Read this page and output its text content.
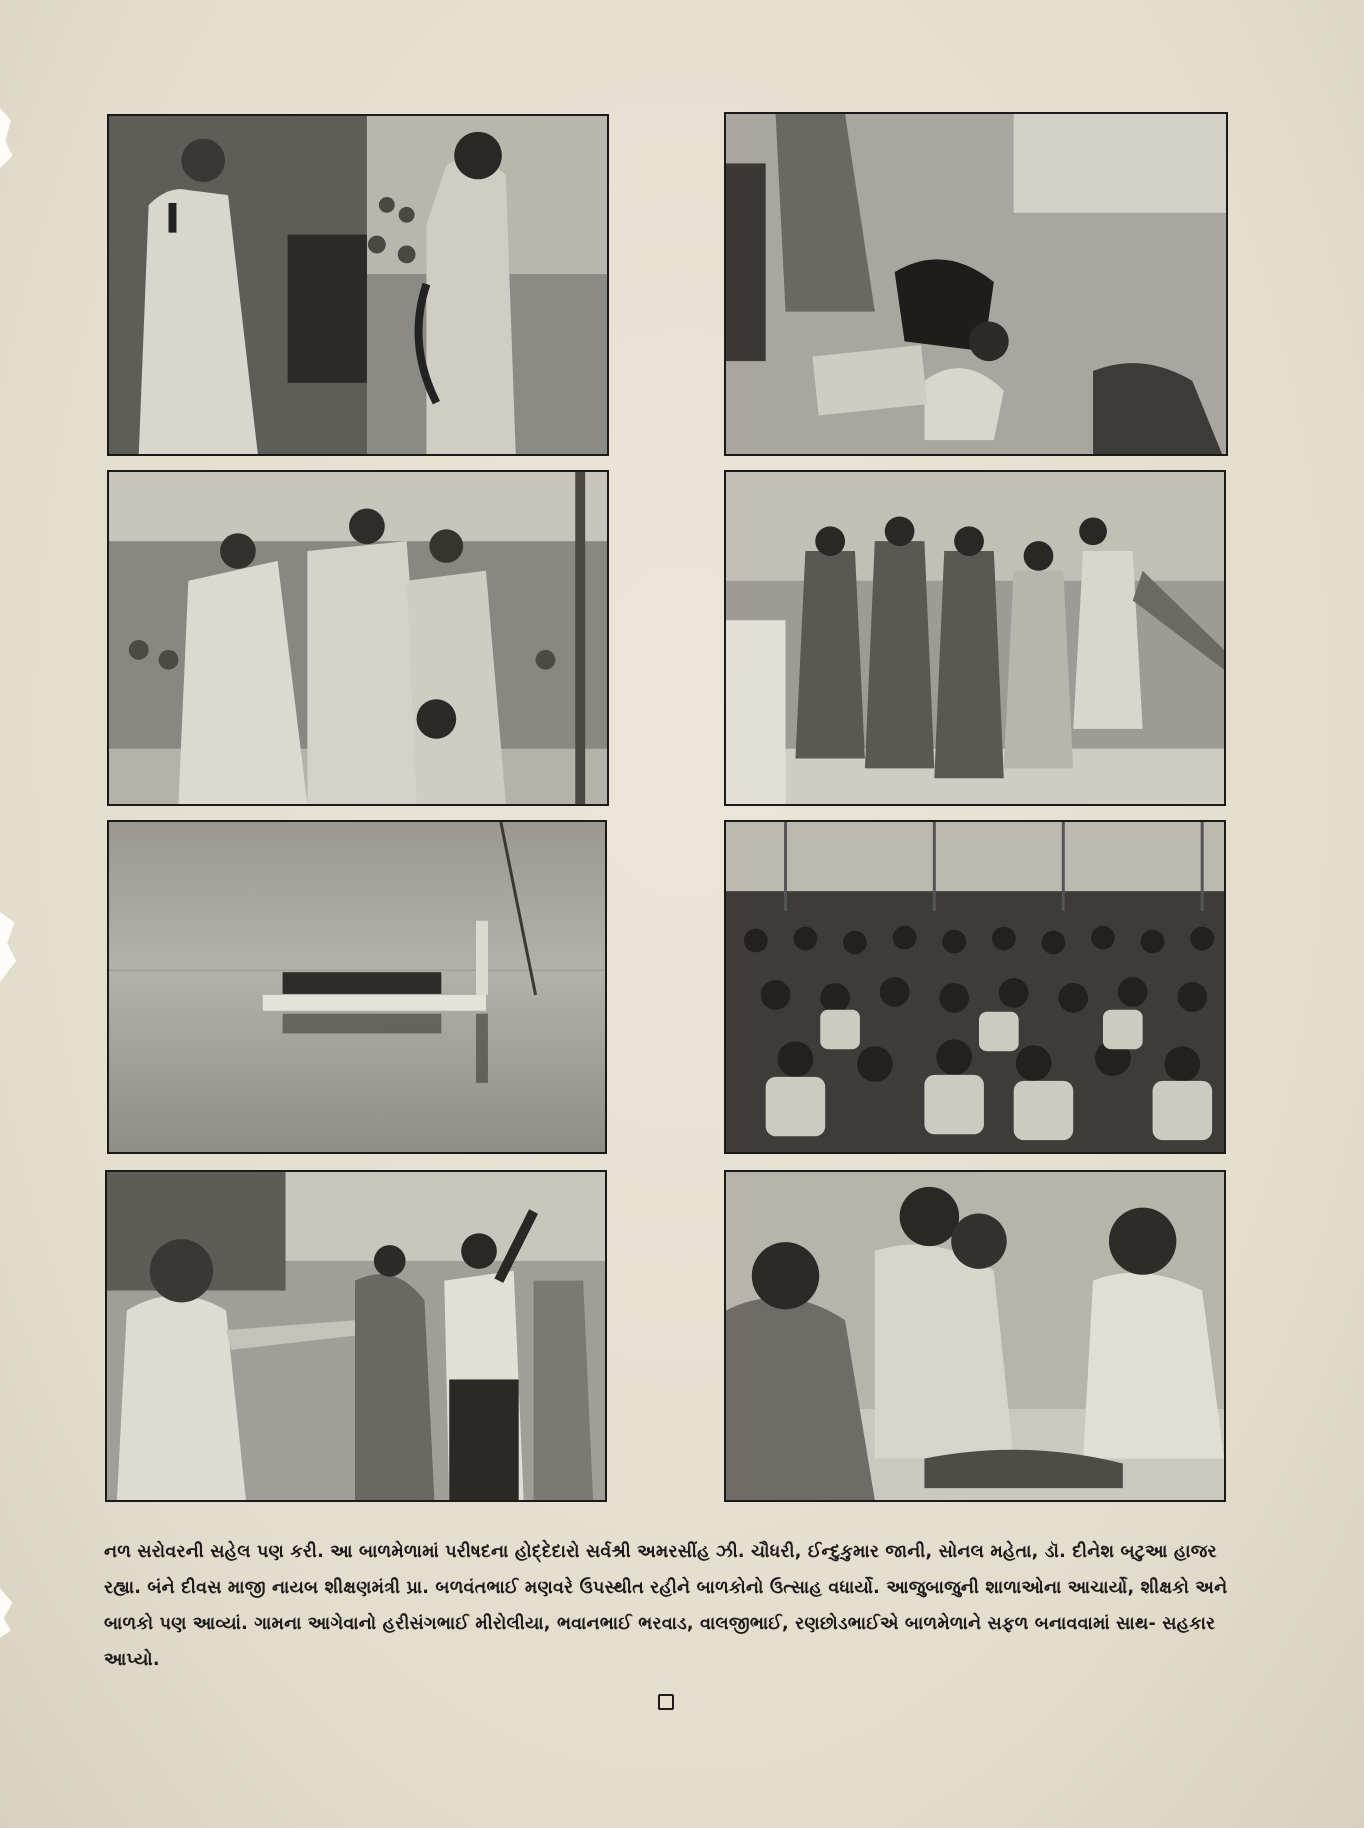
નળ સરોવરની સહેલ પણ કરી. આ બાળમેળામાં પરીષદના હોદ્દેદારો સર્વશ્રી અમરસીંહ ઝી. ચૌધરી, ઈન્દુકુમાર જાની, સોનલ મહેતા, ડૉ. દીનેશ બટુઆ હાજર રહ્યા. બંને દીવસ માજી નાયબ શીક્ષણમંત્રી પ્રા. બળવંતભાઈ મણવરે ઉપસ્થીત રહીને બાળકોનો ઉત્સાહ વધાર્યો. આજુબાજુની શાળાઓના આચાર્યો, શીક્ષકો અને બાળકો પણ આવ્યાં. ગામના આગેવાનો હરીસંગભાઈ મીરોલીયા, ભવાનભાઈ ભરવાડ, વાલજીભાઈ, રણછોડભાઈએ બાળમેળાને સફળ બનાવવામાં સાથ- સહકાર આપ્યો.
